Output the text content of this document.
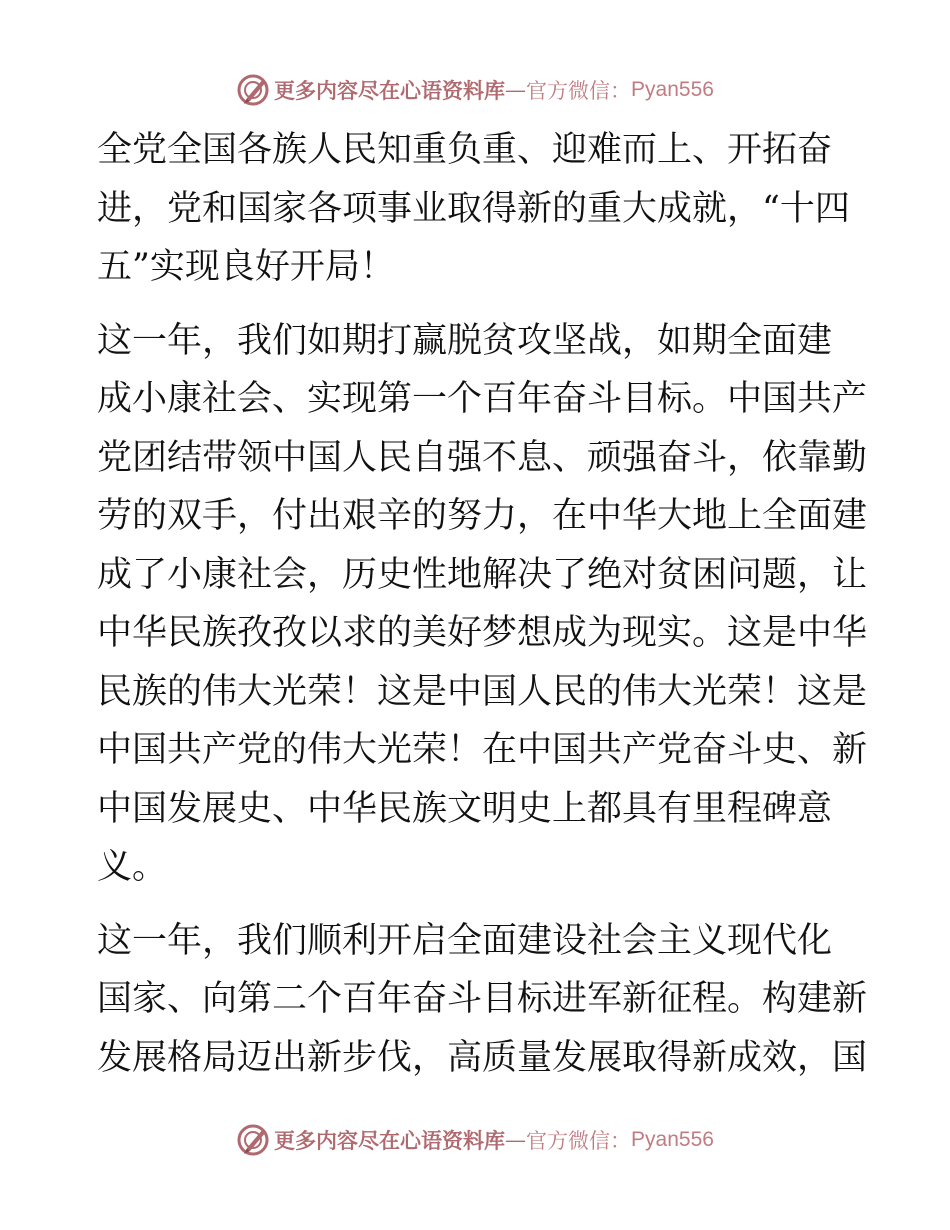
更多内容尽在心语资料库 — 官方微信： Pyan556
全党全国各族人民知重负重、迎难而上、开拓奋
进，党和国家各项事业取得新的重大成就，“十四
五”实现良好开局！
这一年，我们如期打赢脱贫攻坚战，如期全面建
成小康社会、实现第一个百年奋斗目标。中国共产
党团结带领中国人民自强不息、顽强奋斗，依靠勤
劳的双手，付出艰辛的努力，在中华大地上全面建
成了小康社会，历史性地解决了绝对贫困问题，让
中华民族孜孜以求的美好梦想成为现实。这是中华
民族的伟大光荣！这是中国人民的伟大光荣！这是
中国共产党的伟大光荣！在中国共产党奋斗史、新
中国发展史、中华民族文明史上都具有里程碑意
义。
这一年，我们顺利开启全面建设社会主义现代化
国家、向第二个百年奋斗目标进军新征程。构建新
发展格局迈出新步伐，高质量发展取得新成效，国
更多内容尽在心语资料库 — 官方微信： Pyan556
